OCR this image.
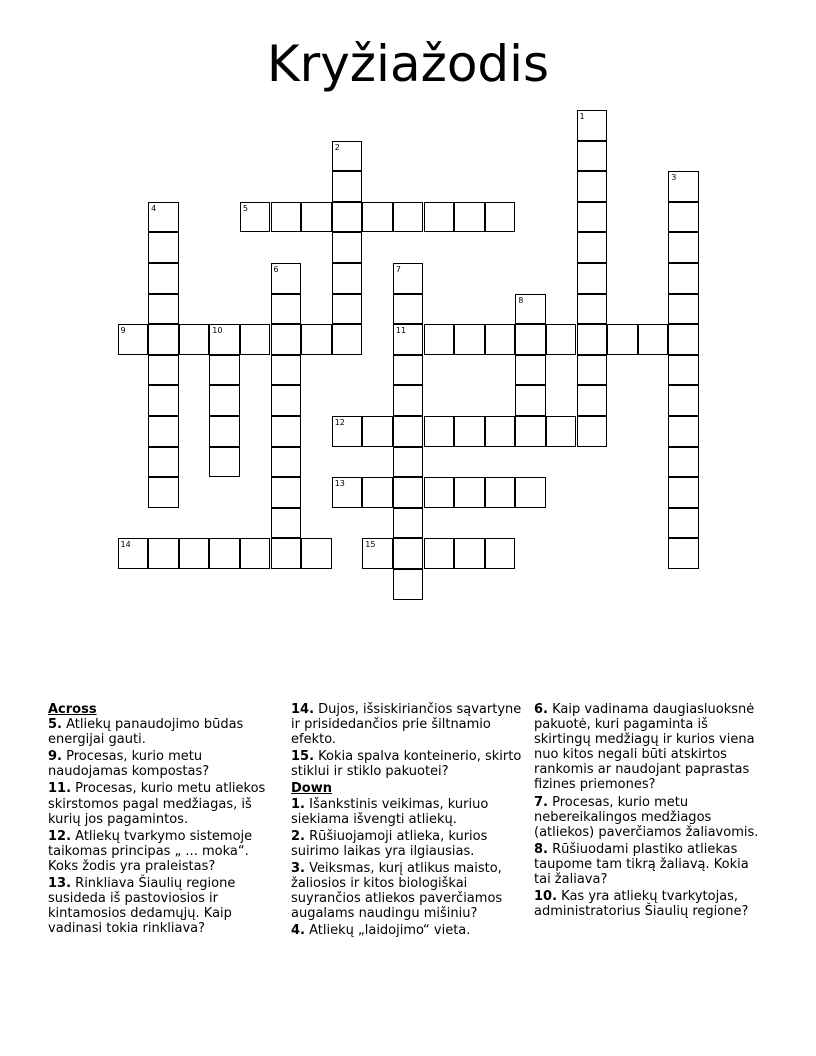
Kryžiažodis
1
2
3
4
6	7
11
8
10
5
9
12
13
14	15
Across
5. Atliekų panaudojimo būdas energijai gauti.
9. Procesas, kurio metu naudojamas kompostas?
11. Procesas, kurio metu atliekos skirstomos pagal medžiagas, iš kurių jos pagamintos.
12. Atliekų tvarkymo sistemoje taikomas principas „ ... moka“. Koks žodis yra praleistas?
13. Rinkliava Šiaulių regione susideda iš pastoviosios ir kintamosios dedamųjų. Kaip vadinasi tokia rinkliava?
14. Dujos, išsiskiriančios sąvartyne ir prisidedančios prie šiltnamio efekto.
15. Kokia spalva konteinerio, skirto stiklui ir stiklo pakuotei?
Down
1. Išankstinis veikimas, kuriuo siekiama išvengti atliekų.
2. Rūšiuojamoji atlieka, kurios suirimo laikas yra ilgiausias.
3. Veiksmas, kurį atlikus maisto, žaliosios ir kitos biologiškai suyrančios atliekos paverčiamos augalams naudingu mišiniu?
4. Atliekų „laidojimo“ vieta.
6. Kaip vadinama daugiasluoksnė pakuotė, kuri pagaminta iš skirtingų medžiagų ir kurios viena nuo kitos negali būti atskirtos rankomis ar naudojant paprastas fizines priemones?
7. Procesas, kurio metu nebereikalingos medžiagos (atliekos) paverčiamos žaliavomis.
8. Rūšiuodami plastiko atliekas taupome tam tikrą žaliavą. Kokia tai žaliava?
10. Kas yra atliekų tvarkytojas, administratorius Šiaulių regione?
